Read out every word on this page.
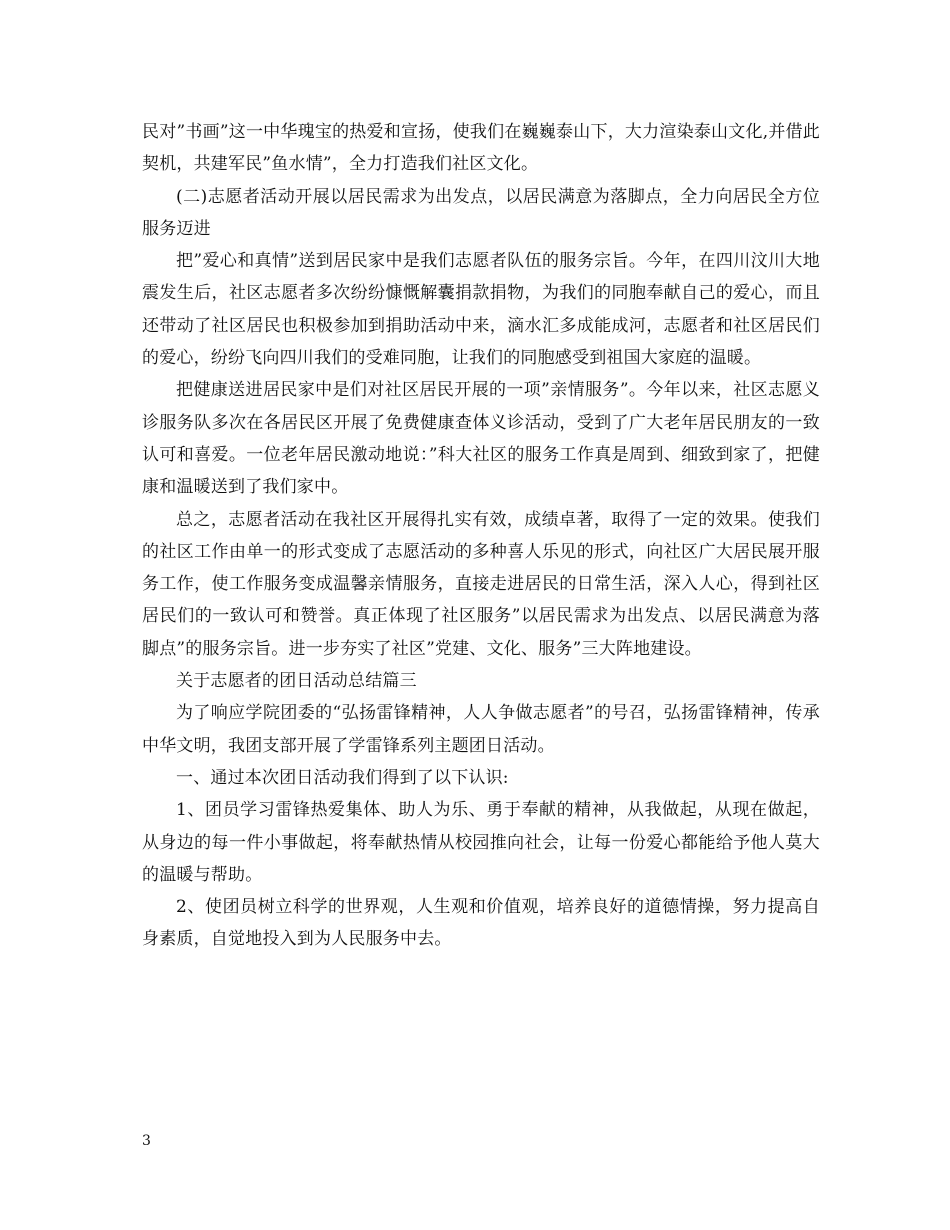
民对”书画”这一中华瑰宝的热爱和宣扬，使我们在巍巍泰山下，大力渲染泰山文化,并借此契机，共建军民”鱼水情”，全力打造我们社区文化。

(二)志愿者活动开展以居民需求为出发点，以居民满意为落脚点，全力向居民全方位服务迈进

把”爱心和真情”送到居民家中是我们志愿者队伍的服务宗旨。今年，在四川汶川大地震发生后，社区志愿者多次纷纷慷慨解囊捐款捐物，为我们的同胞奉献自己的爱心，而且还带动了社区居民也积极参加到捐助活动中来，滴水汇多成能成河，志愿者和社区居民们的爱心，纷纷飞向四川我们的受难同胞，让我们的同胞感受到祖国大家庭的温暖。

把健康送进居民家中是们对社区居民开展的一项”亲情服务”。今年以来，社区志愿义诊服务队多次在各居民区开展了免费健康查体义诊活动，受到了广大老年居民朋友的一致认可和喜爱。一位老年居民激动地说：”科大社区的服务工作真是周到、细致到家了，把健康和温暖送到了我们家中。

总之，志愿者活动在我社区开展得扎实有效，成绩卓著，取得了一定的效果。使我们的社区工作由单一的形式变成了志愿活动的多种喜人乐见的形式，向社区广大居民展开服务工作，使工作服务变成温馨亲情服务，直接走进居民的日常生活，深入人心，得到社区居民们的一致认可和赞誉。真正体现了社区服务”以居民需求为出发点、以居民满意为落脚点”的服务宗旨。进一步夯实了社区”党建、文化、服务”三大阵地建设。

关于志愿者的团日活动总结篇三

为了响应学院团委的“弘扬雷锋精神，人人争做志愿者”的号召，弘扬雷锋精神，传承中华文明，我团支部开展了学雷锋系列主题团日活动。

一、通过本次团日活动我们得到了以下认识:

1、团员学习雷锋热爱集体、助人为乐、勇于奉献的精神，从我做起，从现在做起，从身边的每一件小事做起，将奉献热情从校园推向社会，让每一份爱心都能给予他人莫大的温暖与帮助。

2、使团员树立科学的世界观，人生观和价值观，培养良好的道德情操，努力提高自身素质，自觉地投入到为人民服务中去。

3
